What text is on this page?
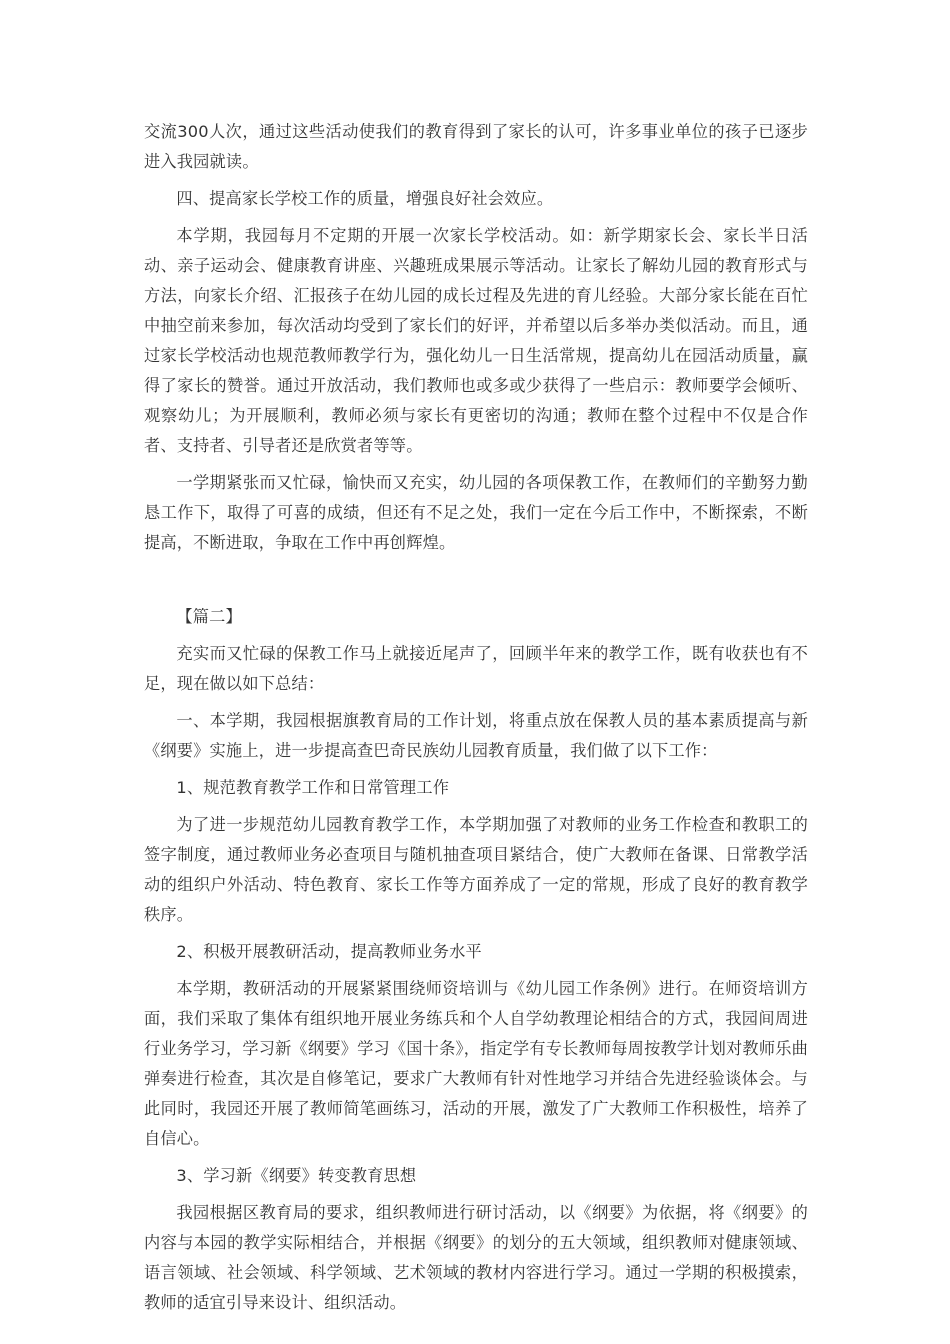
交流300人次，通过这些活动使我们的教育得到了家长的认可，许多事业单位的孩子已逐步进入我园就读。

四、提高家长学校工作的质量，增强良好社会效应。

本学期，我园每月不定期的开展一次家长学校活动。如：新学期家长会、家长半日活动、亲子运动会、健康教育讲座、兴趣班成果展示等活动。让家长了解幼儿园的教育形式与方法，向家长介绍、汇报孩子在幼儿园的成长过程及先进的育儿经验。大部分家长能在百忙中抽空前来参加，每次活动均受到了家长们的好评，并希望以后多举办类似活动。而且，通过家长学校活动也规范教师教学行为，强化幼儿一日生活常规，提高幼儿在园活动质量，赢得了家长的赞誉。通过开放活动，我们教师也或多或少获得了一些启示：教师要学会倾听、观察幼儿；为开展顺利，教师必须与家长有更密切的沟通；教师在整个过程中不仅是合作者、支持者、引导者还是欣赏者等等。

一学期紧张而又忙碌，愉快而又充实，幼儿园的各项保教工作，在教师们的辛勤努力勤恳工作下，取得了可喜的成绩，但还有不足之处，我们一定在今后工作中，不断探索，不断提高，不断进取，争取在工作中再创辉煌。

【篇二】

充实而又忙碌的保教工作马上就接近尾声了，回顾半年来的教学工作，既有收获也有不足，现在做以如下总结：

一、本学期，我园根据旗教育局的工作计划，将重点放在保教人员的基本素质提高与新《纲要》实施上，进一步提高查巴奇民族幼儿园教育质量，我们做了以下工作：

1、规范教育教学工作和日常管理工作

为了进一步规范幼儿园教育教学工作，本学期加强了对教师的业务工作检查和教职工的签字制度，通过教师业务必查项目与随机抽查项目紧结合，使广大教师在备课、日常教学活动的组织户外活动、特色教育、家长工作等方面养成了一定的常规，形成了良好的教育教学秩序。

2、积极开展教研活动，提高教师业务水平

本学期，教研活动的开展紧紧围绕师资培训与《幼儿园工作条例》进行。在师资培训方面，我们采取了集体有组织地开展业务练兵和个人自学幼教理论相结合的方式，我园间周进行业务学习，学习新《纲要》学习《国十条》，指定学有专长教师每周按教学计划对教师乐曲弹奏进行检查，其次是自修笔记，要求广大教师有针对性地学习并结合先进经验谈体会。与此同时，我园还开展了教师简笔画练习，活动的开展，激发了广大教师工作积极性，培养了自信心。

3、学习新《纲要》转变教育思想

我园根据区教育局的要求，组织教师进行研讨活动，以《纲要》为依据，将《纲要》的内容与本园的教学实际相结合，并根据《纲要》的划分的五大领域，组织教师对健康领域、语言领域、社会领域、科学领域、艺术领域的教材内容进行学习。通过一学期的积极摸索，教师的适宜引导来设计、组织活动。
